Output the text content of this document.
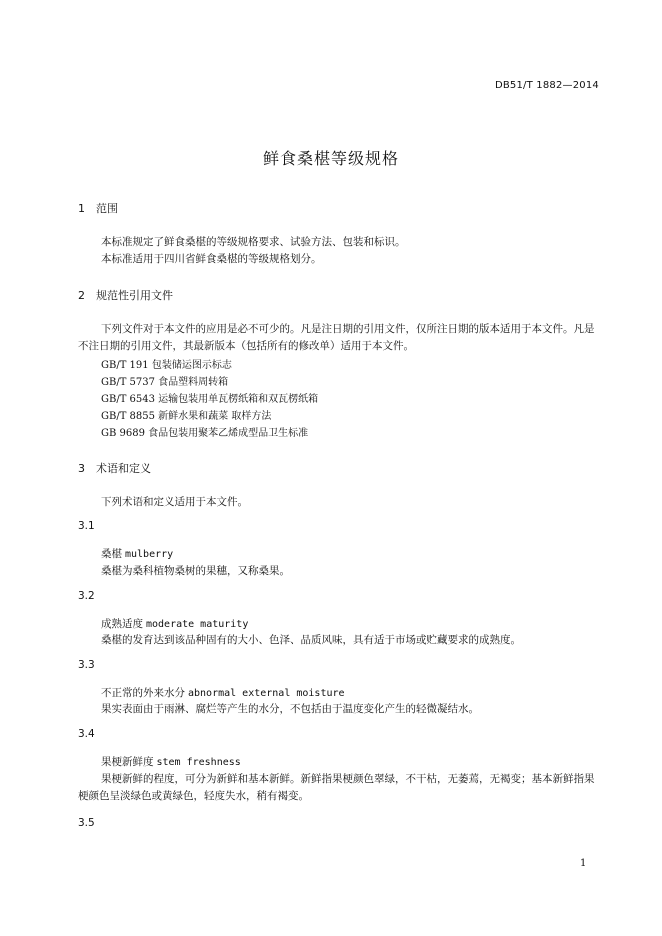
DB51/T 1882—2014
鲜食桑椹等级规格
1 范围
本标准规定了鲜食桑椹的等级规格要求、试验方法、包装和标识。
本标准适用于四川省鲜食桑椹的等级规格划分。
2 规范性引用文件
下列文件对于本文件的应用是必不可少的。凡是注日期的引用文件，仅所注日期的版本适用于本文件。凡是不注日期的引用文件，其最新版本（包括所有的修改单）适用于本文件。
GB/T 191 包装储运图示标志
GB/T 5737 食品塑料周转箱
GB/T 6543 运输包装用单瓦楞纸箱和双瓦楞纸箱
GB/T 8855 新鲜水果和蔬菜 取样方法
GB 9689 食品包装用聚苯乙烯成型品卫生标准
3 术语和定义
下列术语和定义适用于本文件。
3.1
桑椹 mulberry
桑椹为桑科植物桑树的果穗，又称桑果。
3.2
成熟适度 moderate maturity
桑椹的发育达到该品种固有的大小、色泽、品质风味，具有适于市场或贮藏要求的成熟度。
3.3
不正常的外来水分 abnormal external moisture
果实表面由于雨淋、腐烂等产生的水分，不包括由于温度变化产生的轻微凝结水。
3.4
果梗新鲜度 stem freshness
果梗新鲜的程度，可分为新鲜和基本新鲜。新鲜指果梗颜色翠绿，不干枯，无萎蔫，无褐变；基本新鲜指果梗颜色呈淡绿色或黄绿色，轻度失水，稍有褐变。
3.5
1
